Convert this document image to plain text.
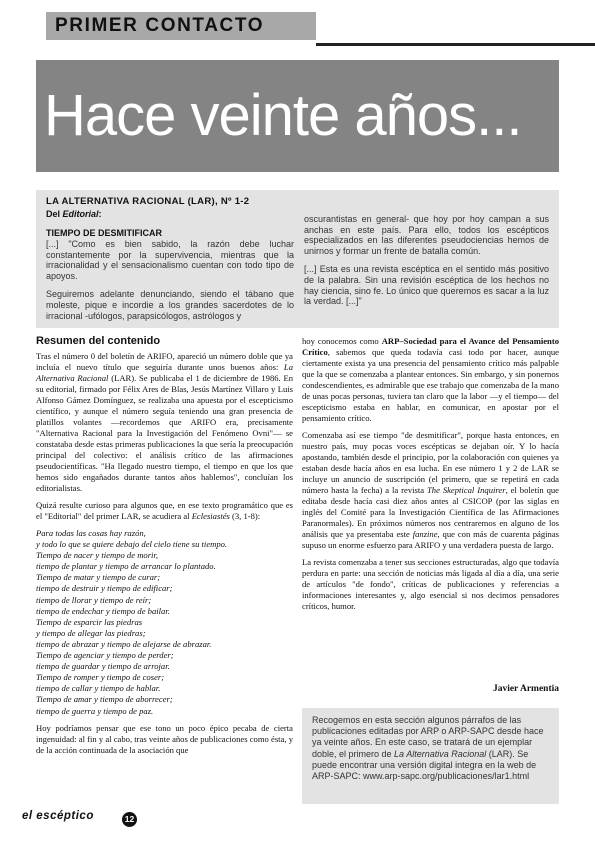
PRIMER CONTACTO
Hace veinte años...
LA ALTERNATIVA RACIONAL (LAR), Nº 1-2
Del Editorial:
TIEMPO DE DESMITIFICAR

[...] "Como es bien sabido, la razón debe luchar constantemente por la supervivencia, mientras que la irracionalidad y el sensacionalismo cuentan con todo tipo de apoyos.

Seguiremos adelante denunciando, siendo el tábano que moleste, pique e incordie a los grandes sacerdotes de lo irracional -ufólogos, parapsicólogos, astrólogos y

oscurantistas en general- que hoy por hoy campan a sus anchas en este país. Para ello, todos los escépticos especializados en las diferentes pseudociencias hemos de unirnos y formar un frente de batalla común.

[...] Esta es una revista escéptica en el sentido más positivo de la palabra. Sin una revisión escéptica de los hechos no hay ciencia, sino fe. Lo único que queremos es sacar a la luz la verdad. [...]"

Resumen del contenido

Tras el número 0 del boletín de ARIFO, apareció un número doble que ya incluía el nuevo título que seguiría durante unos buenos años: La Alternativa Racional (LAR). Se publicaba el 1 de diciembre de 1986. En su editorial, firmado por Félix Ares de Blas, Jesús Martínez Villaro y Luis Alfonso Gámez Domínguez, se realizaba una apuesta por el escepticismo científico, y aunque el número seguía teniendo una gran presencia de platillos volantes —recordemos que ARIFO era, precisamente "Alternativa Racional para la Investigación del Fenómeno Ovni"— se constataba desde estas primeras publicaciones la que sería la preocupación principal del colectivo: el análisis crítico de las afirmaciones pseudocientíficas. "Ha llegado nuestro tiempo, el tiempo en que los que hemos sido engañados durante tantos años hablemos", concluían los editorialistas.

Quizá resulte curioso para algunos que, en ese texto programático que es el "Editorial" del primer LAR, se acudiera al Eclesiastés (3, 1-8):

Para todas las cosas hay razón,
y todo lo que se quiere debajo del cielo tiene su tiempo.
Tiempo de nacer y tiempo de morir,
tiempo de plantar y tiempo de arrancar lo plantado.
Tiempo de matar y tiempo de curar;
tiempo de destruir y tiempo de edificar;
tiempo de llorar y tiempo de reír;
tiempo de endechar y tiempo de bailar.
Tiempo de esparcir las piedras
y tiempo de allegar las piedras;
tiempo de abrazar y tiempo de alejarse de abrazar.
Tiempo de agenciar y tiempo de perder;
tiempo de guardar y tiempo de arrojar.
Tiempo de romper y tiempo de coser;
tiempo de callar y tiempo de hablar.
Tiempo de amar y tiempo de aborrecer;
tiempo de guerra y tiempo de paz.

Hoy podríamos pensar que ese tono un poco épico pecaba de cierta ingenuidad: al fin y al cabo, tras veinte años de publicaciones como ésta, y de la acción continuada de la asociación que

hoy conocemos como ARP–Sociedad para el Avance del Pensamiento Crítico, sabemos que queda todavía casi todo por hacer, aunque ciertamente exista ya una presencia del pensamiento crítico más palpable que la que se comenzaba a plantear entonces. Sin embargo, y sin ponernos condescendientes, es admirable que ese trabajo que comenzaba de la mano de unas pocas personas, tuviera tan claro que la labor —y el tiempo— del escepticismo estaba en hablar, en comunicar, en apostar por el pensamiento crítico.

Comenzaba así ese tiempo "de desmitificar", porque hasta entonces, en nuestro país, muy pocas voces escépticas se dejaban oír. Y lo hacía apostando, también desde el principio, por la colaboración con quienes ya estaban desde hacía años en esa lucha. En ese número 1 y 2 de LAR se incluye un anuncio de suscripción (el primero, que se repetirá en cada número hasta la fecha) a la revista The Skeptical Inquirer, el boletín que editaba desde hacía casi diez años antes al CSICOP (por las siglas en inglés del Comité para la Investigación Científica de las Afirmaciones Paranormales). En próximos números nos centraremos en alguno de los análisis que ya presentaba este fanzine, que con más de cuarenta páginas supuso un enorme esfuerzo para ARIFO y una verdadera puesta de largo.

La revista comenzaba a tener sus secciones estructuradas, algo que todavía perdura en parte: una sección de noticias más ligada al día a día, una serie de artículos "de fondo", críticas de publicaciones y referencias a informaciones interesantes y, algo esencial si nos decimos pensadores críticos, humor.

Javier Armentia

Recogemos en esta sección algunos párrafos de las publicaciones editadas por ARP o ARP-SAPC desde hace ya veinte años. En este caso, se tratará de un ejemplar doble, el primero de La Alternativa Racional (LAR). Se puede encontrar una versión digital integra en la web de ARP-SAPC: www.arp-sapc.org/publicaciones/lar1.html

el escéptico	12
